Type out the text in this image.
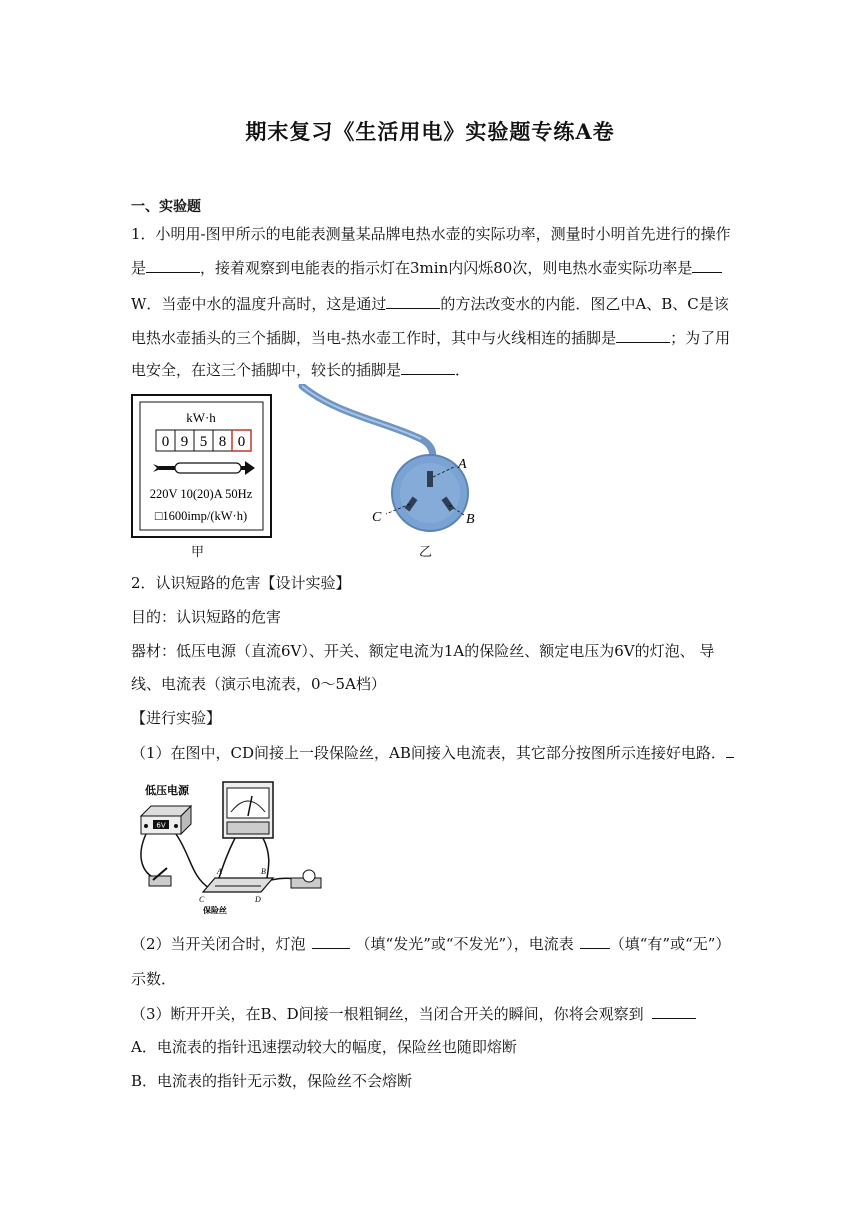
期末复习《生活用电》实验题专练A卷
一、实验题
1．小明用-图甲所示的电能表测量某品牌电热水壶的实际功率，测量时小明首先进行的操作
是	，接着观察到电能表的指示灯在3min内闪烁80次，则电热水壶实际功率是
W．当壶中水的温度升高时，这是通过	的方法改变水的内能．图乙中A、B、C是该
电热水壶插头的三个插脚，当电-热水壶工作时，其中与火线相连的插脚是	；为了用
电安全，在这三个插脚中，较长的插脚是	．
kW·h
0 9 5 8 0
220V 10(20)A 50Hz
□1600imp/(kW·h)
甲
A
C	B
乙
2．认识短路的危害【设计实验】
目的：认识短路的危害
器材：低压电源（直流6V）、开关、额定电流为1A的保险丝、额定电压为6V的灯泡、 导
线、电流表（演示电流表，0～5A档）
【进行实验】
（1）在图中，CD间接上一段保险丝，AB间接入电流表，其它部分按图所示连接好电路．
低压电源
6V
A	B
C	D
保险丝
（2）当开关闭合时，灯泡	（填“发光”或“不发光”），电流表 （填“有”或“无”）
示数．
（3）断开开关，在B、D间接一根粗铜丝，当闭合开关的瞬间，你将会观察到
A．电流表的指针迅速摆动较大的幅度，保险丝也随即熔断
B．电流表的指针无示数，保险丝不会熔断
